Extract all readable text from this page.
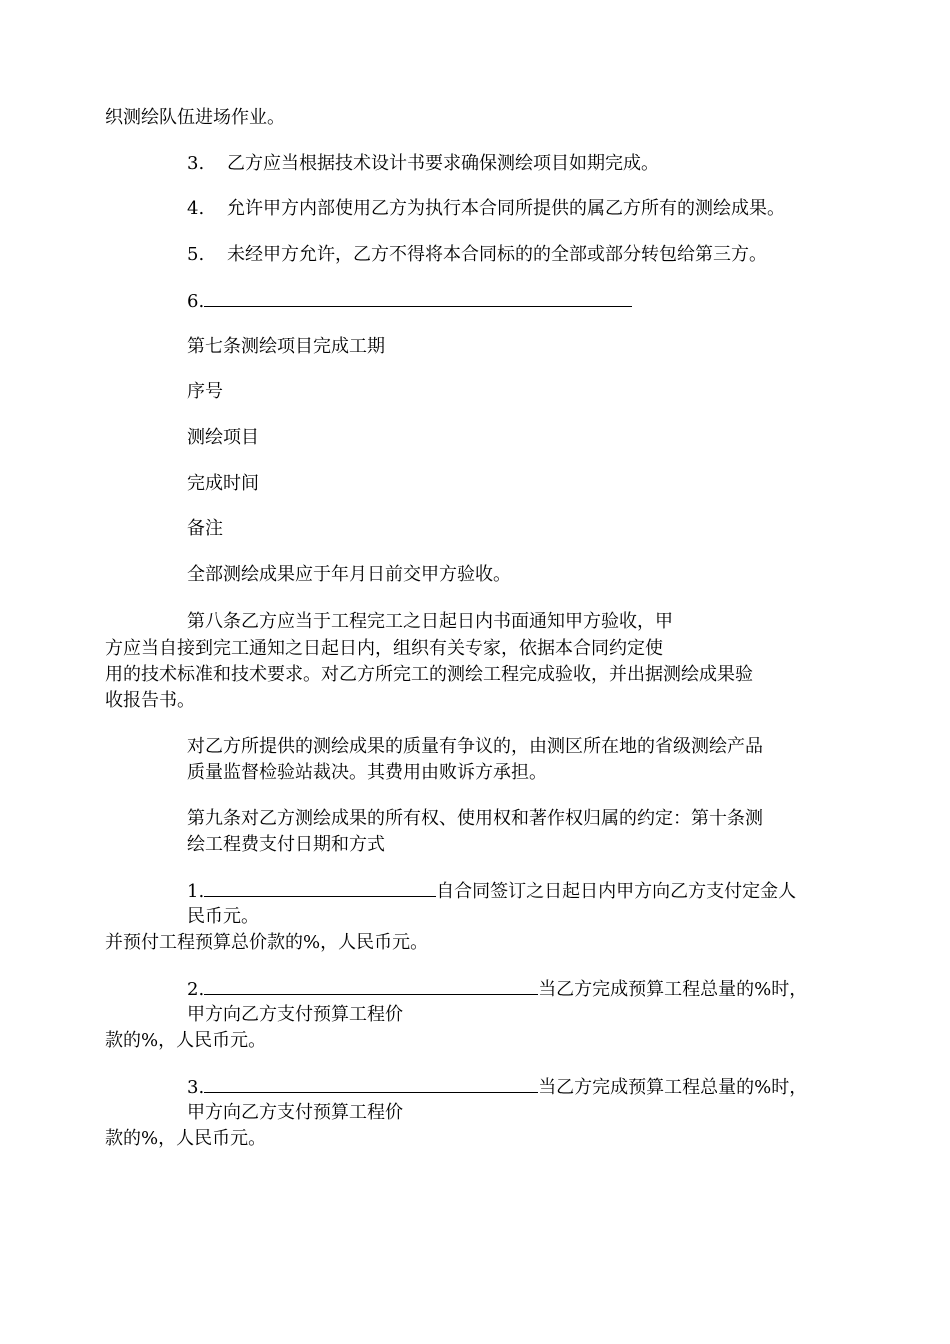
织测绘队伍进场作业。
3. 乙方应当根据技术设计书要求确保测绘项目如期完成。
4. 允许甲方内部使用乙方为执行本合同所提供的属乙方所有的测绘成果。
5. 未经甲方允许，乙方不得将本合同标的的全部或部分转包给第三方。
6.
第七条测绘项目完成工期
序号
测绘项目
完成时间
备注
全部测绘成果应于年月日前交甲方验收。
第八条乙方应当于工程完工之日起日内书面通知甲方验收，甲
方应当自接到完工通知之日起日内，组织有关专家，依据本合同约定使
用的技术标准和技术要求。对乙方所完工的测绘工程完成验收，并出据测绘成果验
收报告书。
对乙方所提供的测绘成果的质量有争议的，由测区所在地的省级测绘产品
质量监督检验站裁决。其费用由败诉方承担。
第九条对乙方测绘成果的所有权、使用权和著作权归属的约定：第十条测
绘工程费支付日期和方式
1.	自合同签订之日起日内甲方向乙方支付定金人
民币元。
并预付工程预算总价款的%，人民币元。
2.	当乙方完成预算工程总量的%时，
甲方向乙方支付预算工程价
款的%，人民币元。
3.	当乙方完成预算工程总量的%时，
甲方向乙方支付预算工程价
款的%，人民币元。
